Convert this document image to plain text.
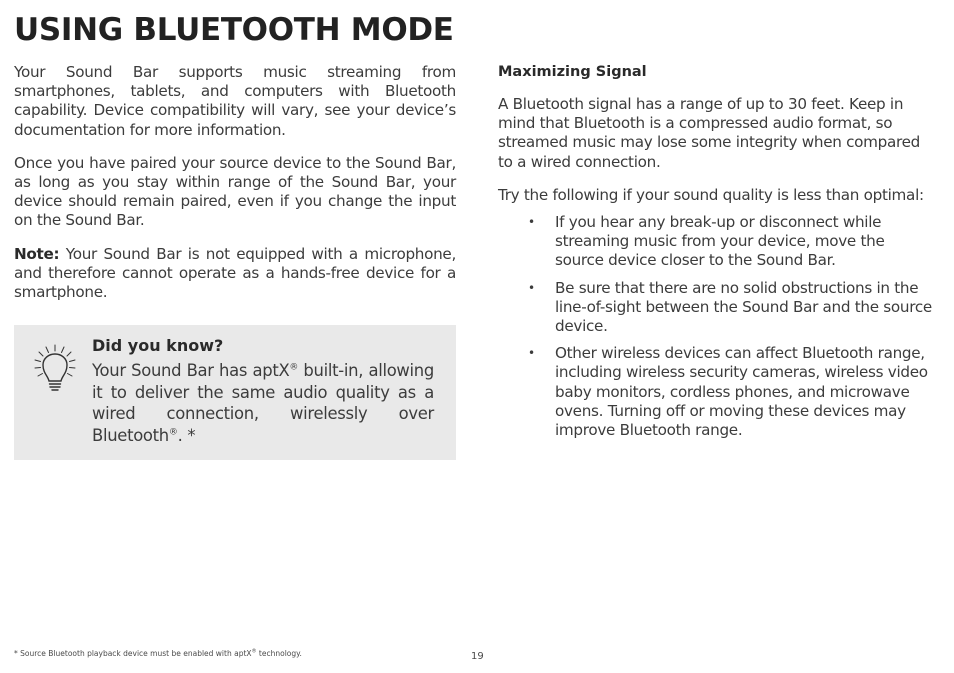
USING BLUETOOTH MODE

Your Sound Bar supports music streaming from smartphones, tablets, and computers with Bluetooth capability. Device compatibility will vary, see your device’s documentation for more information.

Once you have paired your source device to the Sound Bar, as long as you stay within range of the Sound Bar, your device should remain paired, even if you change the input on the Sound Bar.

Note: Your Sound Bar is not equipped with a microphone, and therefore cannot operate as a hands-free device for a smartphone.

Did you know?
Your Sound Bar has aptX® built-in, allowing it to deliver the same audio quality as a wired connection, wirelessly over Bluetooth®. *
Maximizing Signal

A Bluetooth signal has a range of up to 30 feet. Keep in mind that Bluetooth is a compressed audio format, so streamed music may lose some integrity when compared to a wired connection.

Try the following if your sound quality is less than optimal:

• If you hear any break-up or disconnect while streaming music from your device, move the source device closer to the Sound Bar.
• Be sure that there are no solid obstructions in the line-of-sight between the Sound Bar and the source device.
• Other wireless devices can affect Bluetooth range, including wireless security cameras, wireless video baby monitors, cordless phones, and microwave ovens. Turning off or moving these devices may improve Bluetooth range.
* Source Bluetooth playback device must be enabled with aptX® technology.	19
